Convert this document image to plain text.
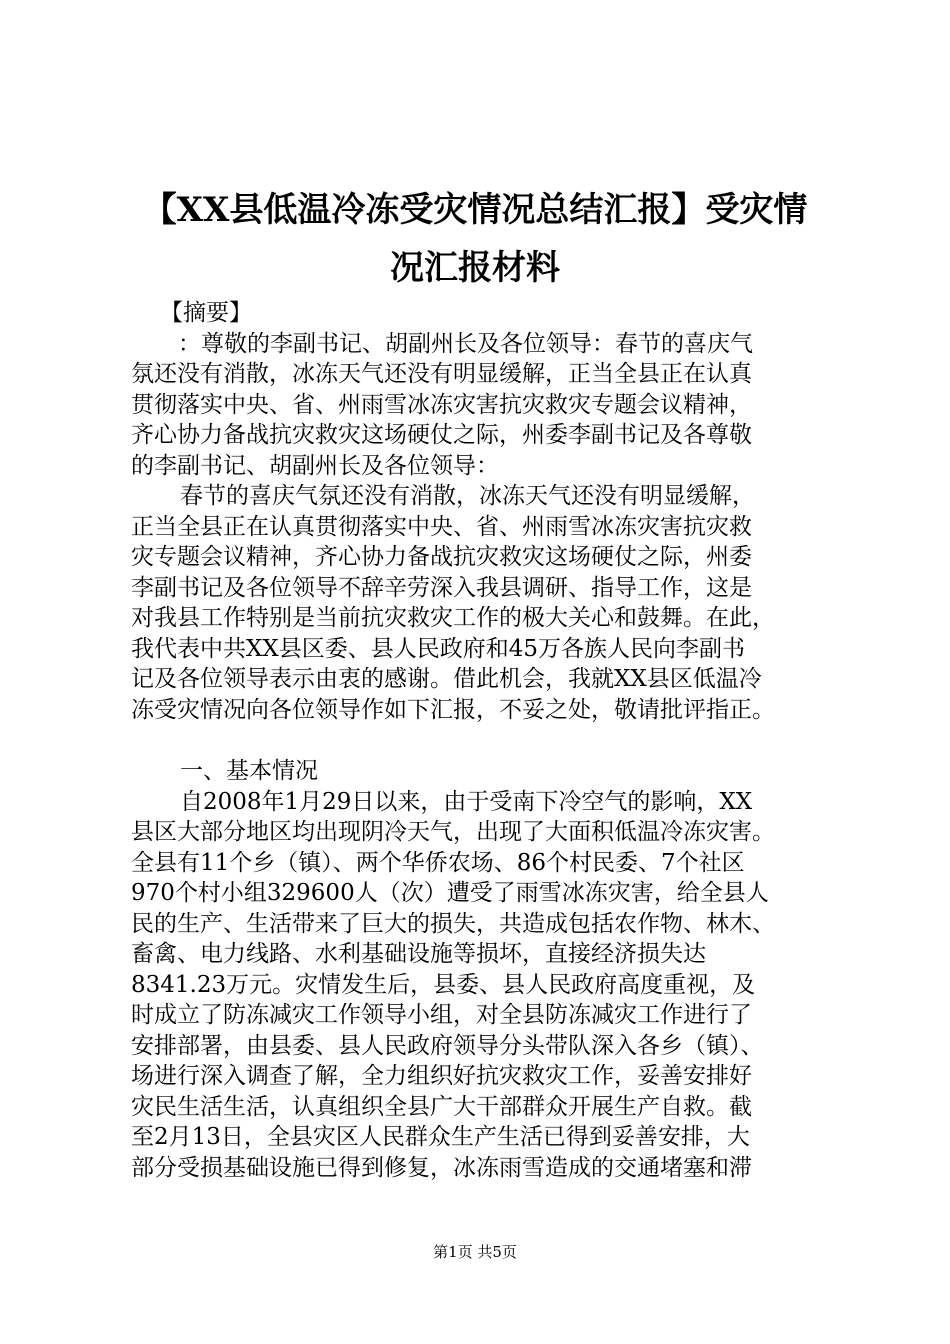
【XX县低温冷冻受灾情况总结汇报】受灾情
况汇报材料
【摘要】
：尊敬的李副书记、胡副州长及各位领导：春节的喜庆气
氛还没有消散，冰冻天气还没有明显缓解，正当全县正在认真
贯彻落实中央、省、州雨雪冰冻灾害抗灾救灾专题会议精神，
齐心协力备战抗灾救灾这场硬仗之际，州委李副书记及各尊敬
的李副书记、胡副州长及各位领导：
春节的喜庆气氛还没有消散，冰冻天气还没有明显缓解，
正当全县正在认真贯彻落实中央、省、州雨雪冰冻灾害抗灾救
灾专题会议精神，齐心协力备战抗灾救灾这场硬仗之际，州委
李副书记及各位领导不辞辛劳深入我县调研、指导工作，这是
对我县工作特别是当前抗灾救灾工作的极大关心和鼓舞。在此，
我代表中共XX县区委、县人民政府和45万各族人民向李副书
记及各位领导表示由衷的感谢。借此机会，我就XX县区低温冷
冻受灾情况向各位领导作如下汇报，不妥之处，敬请批评指正。
一、基本情况
自2008年1月29日以来，由于受南下冷空气的影响，XX
县区大部分地区均出现阴冷天气，出现了大面积低温冷冻灾害。
全县有11个乡（镇）、两个华侨农场、86个村民委、7个社区
970个村小组329600人（次）遭受了雨雪冰冻灾害，给全县人
民的生产、生活带来了巨大的损失，共造成包括农作物、林木、
畜禽、电力线路、水利基础设施等损坏，直接经济损失达
8341.23万元。灾情发生后，县委、县人民政府高度重视，及
时成立了防冻减灾工作领导小组，对全县防冻减灾工作进行了
安排部署，由县委、县人民政府领导分头带队深入各乡（镇）、
场进行深入调查了解，全力组织好抗灾救灾工作，妥善安排好
灾民生活生活，认真组织全县广大干部群众开展生产自救。截
至2月13日，全县灾区人民群众生产生活已得到妥善安排，大
部分受损基础设施已得到修复，冰冻雨雪造成的交通堵塞和滞
第1页 共5页
